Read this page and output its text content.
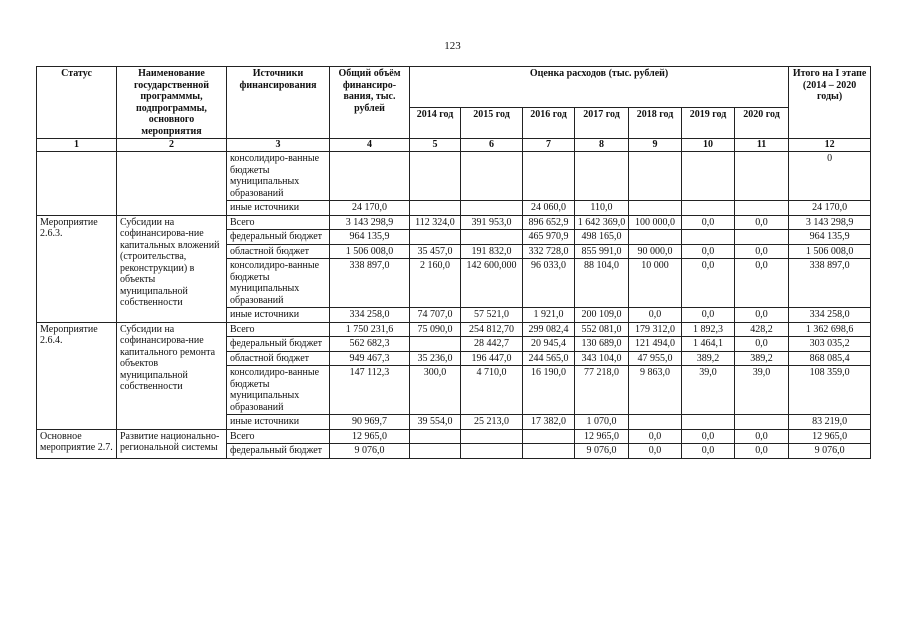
123
Статус	Наименование государственной программмы, подпрограммы, основного мероприятия	Источники финансирования	Общий объём финансиро-вания, тыс. рублей	Оценка расходов (тыс. рублей)							Итого на I этапе (2014 – 2020 годы)
				2014 год	2015 год	2016 год	2017 год	2018 год	2019 год	2020 год	
1	2	3	4	5	6	7	8	9	10	11	12
		консолидиро-ванные бюджеты муниципальных образований									0
		иные источники	24 170,0			24 060,0	110,0				24 170,0
Мероприятие 2.6.3.	Субсидии на софинансирова-ние капитальных вложений (строительства, реконструкции) в объекты муниципальной собственности	Всего	3 143 298,9	112 324,0	391 953,0	896 652,9	1 642 369,0	100 000,0	0,0	0,0	3 143 298,9
		федеральный бюджет	964 135,9			465 970,9	498 165,0				964 135,9
		областной бюджет	1 506 008,0	35 457,0	191 832,0	332 728,0	855 991,0	90 000,0	0,0	0,0	1 506 008,0
		консолидиро-ванные бюджеты муниципальных образований	338 897,0	2 160,0	142 600,000	96 033,0	88 104,0	10 000	0,0	0,0	338 897,0
		иные источники	334 258,0	74 707,0	57 521,0	1 921,0	200 109,0	0,0	0,0	0,0	334 258,0
Мероприятие 2.6.4.	Субсидии на софинансирова-ние капитального ремонта объектов муниципальной собственности	Всего	1 750 231,6	75 090,0	254 812,70	299 082,4	552 081,0	179 312,0	1 892,3	428,2	1 362 698,6
		федеральный бюджет	562 682,3		28 442,7	20 945,4	130 689,0	121 494,0	1 464,1	0,0	303 035,2
		областной бюджет	949 467,3	35 236,0	196 447,0	244 565,0	343 104,0	47 955,0	389,2	389,2	868 085,4
		консолидиро-ванные бюджеты муниципальных образований	147 112,3	300,0	4 710,0	16 190,0	77 218,0	9 863,0	39,0	39,0	108 359,0
		иные источники	90 969,7	39 554,0	25 213,0	17 382,0	1 070,0				83 219,0
Основное мероприятие 2.7.	Развитие национально-региональной системы	Всего	12 965,0				12 965,0	0,0	0,0	0,0	12 965,0
		федеральный бюджет	9 076,0				9 076,0	0,0	0,0	0,0	9 076,0
